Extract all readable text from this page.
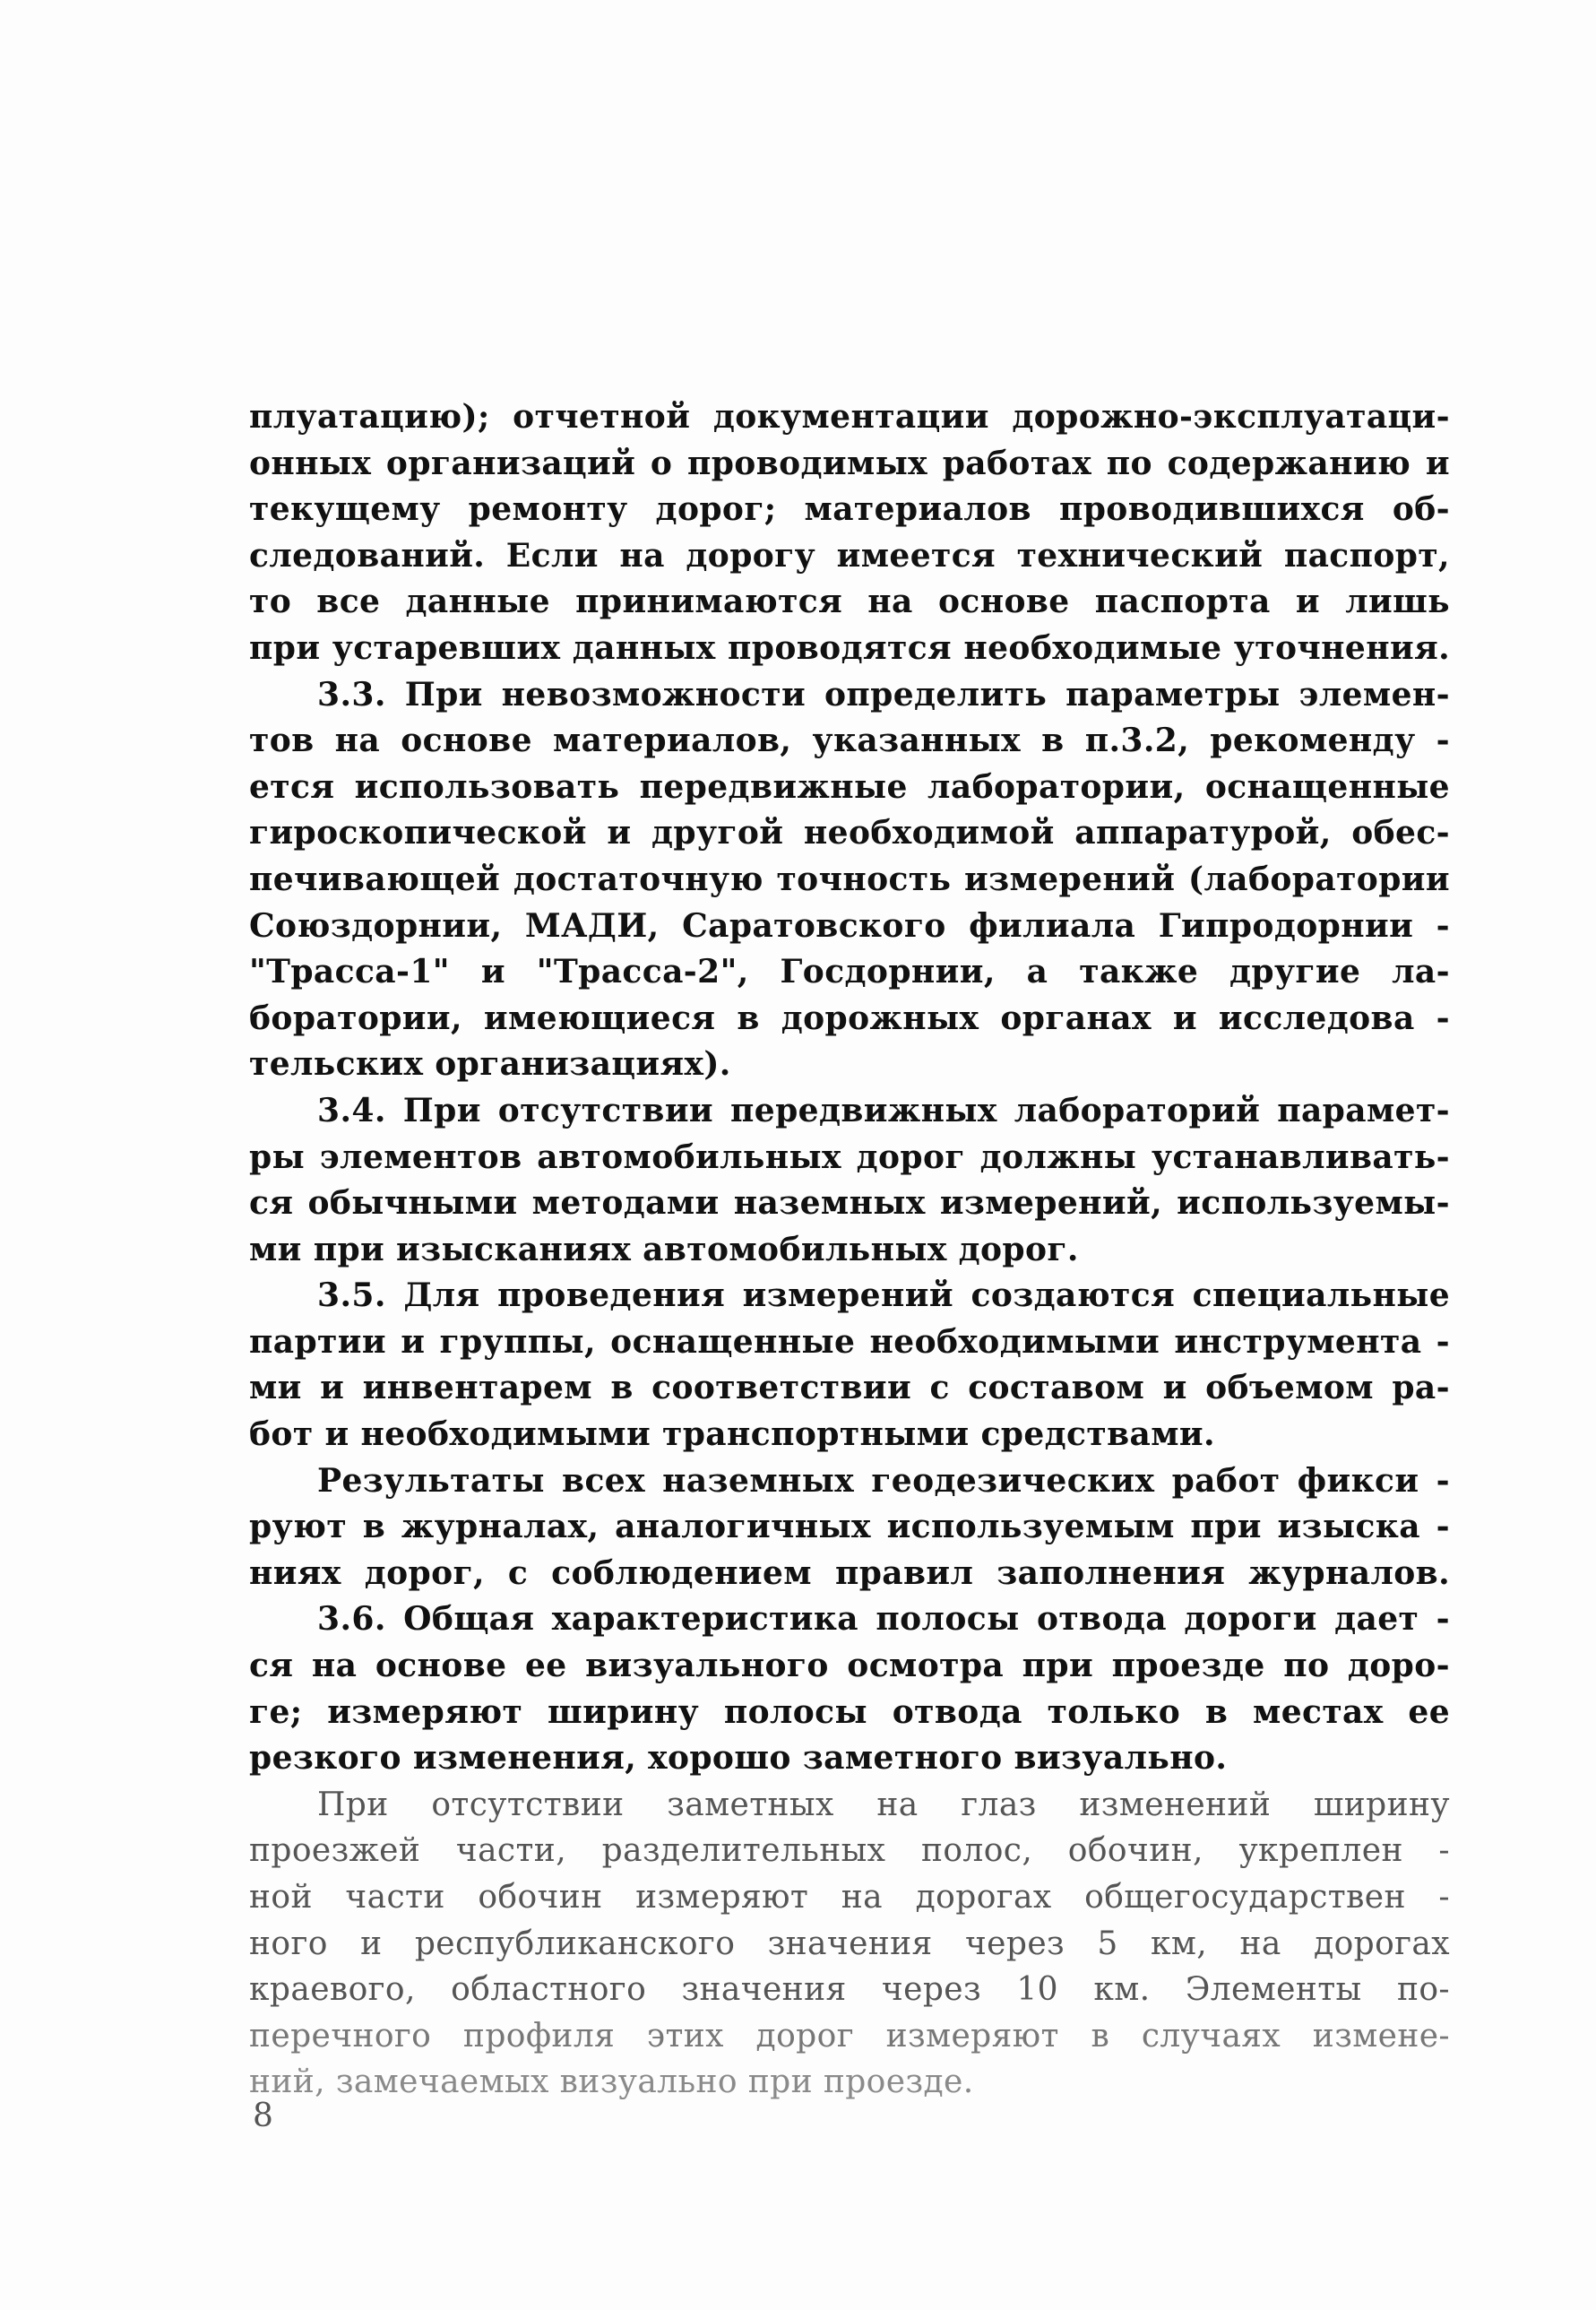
плуатацию); отчетной документации дорожно-эксплуатаци-
онных организаций о проводимых работах по содержанию и
текущему ремонту дорог; материалов проводившихся об-
следований. Если на дорогу имеется технический паспорт,
то все данные принимаются на основе паспорта и лишь
при устаревших данных проводятся необходимые уточнения.
3.3. При невозможности определить параметры элемен-
тов на основе материалов, указанных в п.3.2, рекоменду -
ется использовать передвижные лаборатории, оснащенные
гироскопической и другой необходимой аппаратурой, обес-
печивающей достаточную точность измерений (лаборатории
Союздорнии, МАДИ, Саратовского филиала Гипродорнии -
"Трасса-1" и "Трасса-2", Госдорнии, а также другие ла-
боратории, имеющиеся в дорожных органах и исследова -
тельских организациях).
3.4. При отсутствии передвижных лабораторий парамет-
ры элементов автомобильных дорог должны устанавливать-
ся обычными методами наземных измерений, используемы-
ми при изысканиях автомобильных дорог.
3.5. Для проведения измерений создаются специальные
партии и группы, оснащенные необходимыми инструмента -
ми и инвентарем в соответствии с составом и объемом ра-
бот и необходимыми транспортными средствами.
Результаты всех наземных геодезических работ фикси -
руют в журналах, аналогичных используемым при изыска -
ниях дорог, с соблюдением правил заполнения журналов.
3.6. Общая характеристика полосы отвода дороги дает -
ся на основе ее визуального осмотра при проезде по доро-
ге; измеряют ширину полосы отвода только в местах ее
резкого изменения, хорошо заметного визуально.
При отсутствии заметных на глаз изменений ширину
проезжей части, разделительных полос, обочин, укреплен -
ной части обочин измеряют на дорогах общегосударствен -
ного и республиканского значения через 5 км, на дорогах
краевого, областного значения через 10 км. Элементы по-
перечного профиля этих дорог измеряют в случаях изменe-
ний, замечаемых визуально при проезде.
8
